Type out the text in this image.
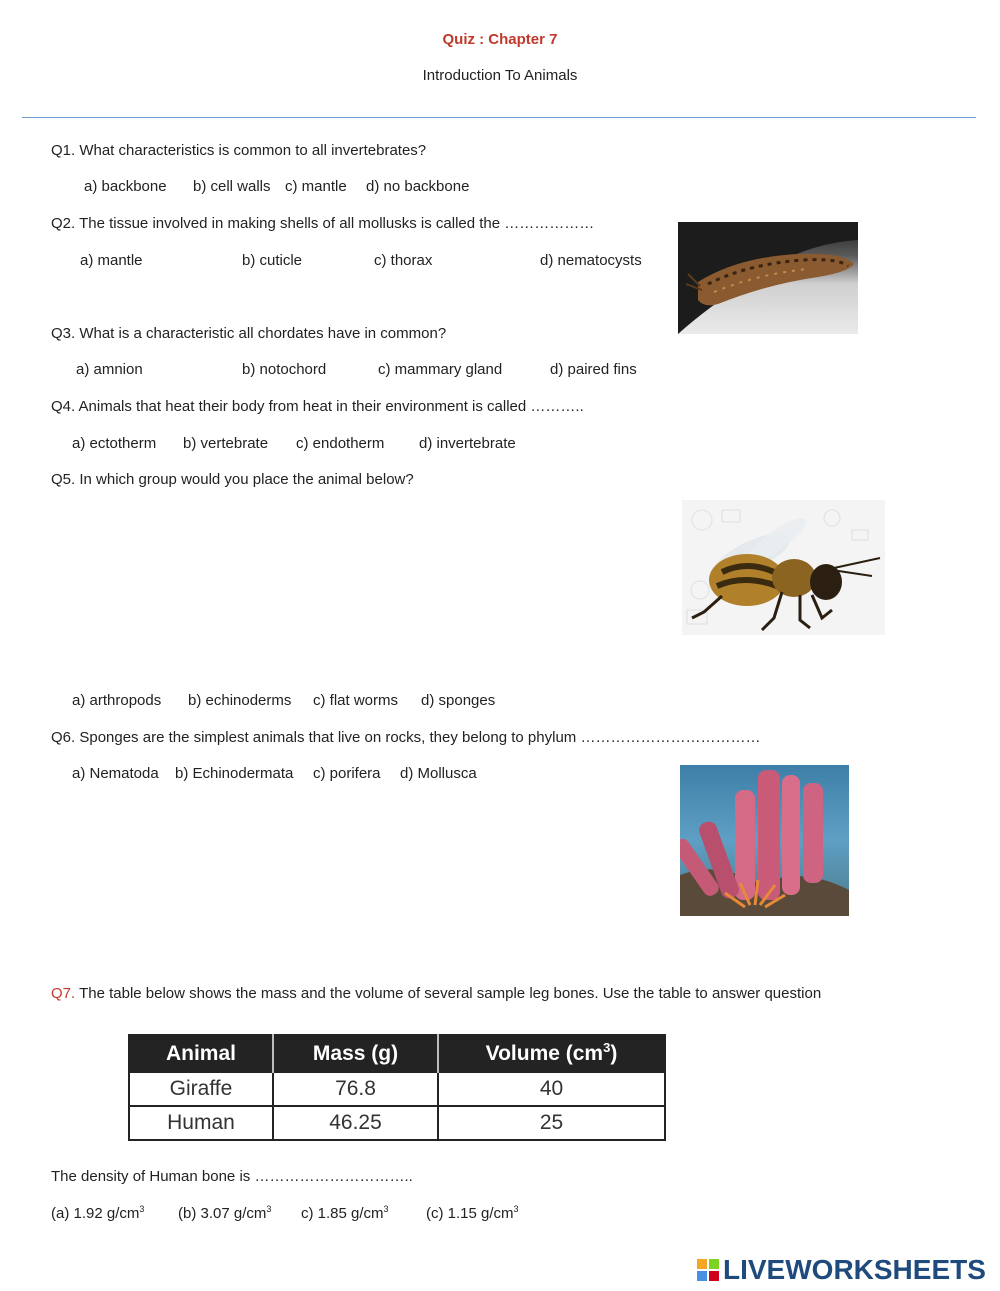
Quiz : Chapter 7
Introduction To Animals
Q1. What characteristics is common to all invertebrates?
a) backbone b) cell walls c) mantle d) no backbone
Q2. The tissue involved in making shells of all mollusks is called the ………………
a) mantle	b) cuticle	c) thorax	d) nematocysts
Q3. What is a characteristic all chordates have in common?
a) amnion	b) notochord	c) mammary gland	d) paired fins
Q4. Animals that heat their body from heat in their environment is called ………..
a) ectotherm b) vertebrate c) endotherm d) invertebrate
Q5. In which group would you place the animal below?
a) arthropods b) echinoderms c) flat worms d) sponges
Q6. Sponges are the simplest animals that live on rocks, they belong to phylum ………………………………
a) Nematoda b) Echinodermata c) porifera d) Mollusca
Q7. The table below shows the mass and the volume of several sample leg bones. Use the table to answer question
Animal	Mass (g)	Volume $(cm^3)$
Giraffe	76.8	40
Human	46.25	25
The density of Human bone is …………………………..
(a) 1.92 $g/cm^3$ (b) 3.07 $g/cm^3$ c) 1.85 $g/cm^3$ (c) 1.15 $g/cm^3$
LIVEWORKSHEETS
